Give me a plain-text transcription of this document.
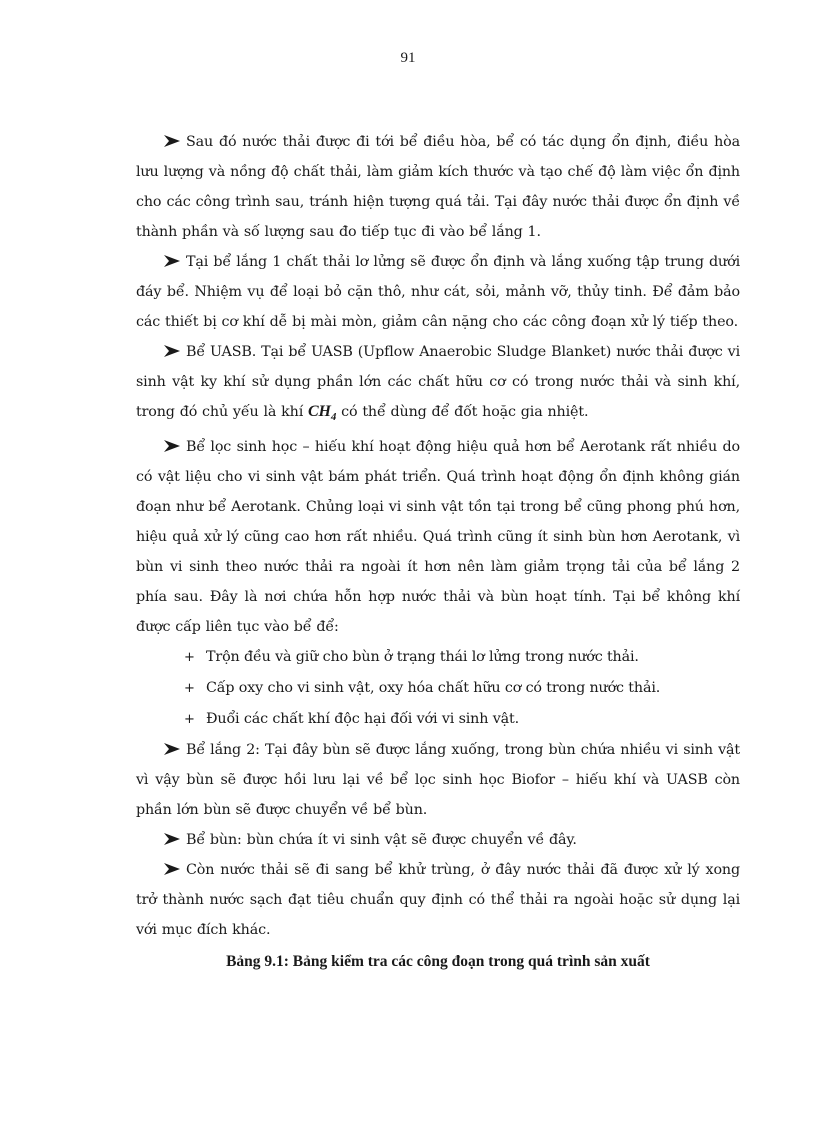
91

Sau đó nước thải được đi tới bể điều hòa, bể có tác dụng ổn định, điều hòa lưu lượng và nồng độ chất thải, làm giảm kích thước và tạo chế độ làm việc ổn định cho các công trình sau, tránh hiện tượng quá tải. Tại đây nước thải được ổn định về thành phần và số lượng sau đo tiếp tục đi vào bể lắng 1.

Tại bể lắng 1 chất thải lơ lửng sẽ được ổn định và lắng xuống tập trung dưới đáy bể. Nhiệm vụ để loại bỏ cặn thô, như cát, sỏi, mảnh vỡ, thủy tinh. Để đảm bảo các thiết bị cơ khí dễ bị mài mòn, giảm cân nặng cho các công đoạn xử lý tiếp theo.

Bể UASB. Tại bể UASB (Upflow Anaerobic Sludge Blanket) nước thải được vi sinh vật ky khí sử dụng phần lớn các chất hữu cơ có trong nước thải và sinh khí, trong đó chủ yếu là khí $CH_4$ có thể dùng để đốt hoặc gia nhiệt.

Bể lọc sinh học – hiếu khí hoạt động hiệu quả hơn bể Aerotank rất nhiều do có vật liệu cho vi sinh vật bám phát triển. Quá trình hoạt động ổn định không gián đoạn như bể Aerotank. Chủng loại vi sinh vật tồn tại trong bể cũng phong phú hơn, hiệu quả xử lý cũng cao hơn rất nhiều. Quá trình cũng ít sinh bùn hơn Aerotank, vì bùn vi sinh theo nước thải ra ngoài ít hơn nên làm giảm trọng tải của bể lắng 2 phía sau. Đây là nơi chứa hỗn hợp nước thải và bùn hoạt tính. Tại bể không khí được cấp liên tục vào bể để:

+ Trộn đều và giữ cho bùn ở trạng thái lơ lửng trong nước thải.

+ Cấp oxy cho vi sinh vật, oxy hóa chất hữu cơ có trong nước thải.

+ Đuổi các chất khí độc hại đối với vi sinh vật.

Bể lắng 2: Tại đây bùn sẽ được lắng xuống, trong bùn chứa nhiều vi sinh vật vì vậy bùn sẽ được hồi lưu lại về bể lọc sinh học Biofor – hiếu khí và UASB còn phần lớn bùn sẽ được chuyển về bể bùn.

Bể bùn: bùn chứa ít vi sinh vật sẽ được chuyển về đây.

Còn nước thải sẽ đi sang bể khử trùng, ở đây nước thải đã được xử lý xong trở thành nước sạch đạt tiêu chuẩn quy định có thể thải ra ngoài hoặc sử dụng lại với mục đích khác.

Bảng 9.1: Bảng kiểm tra các công đoạn trong quá trình sản xuất
